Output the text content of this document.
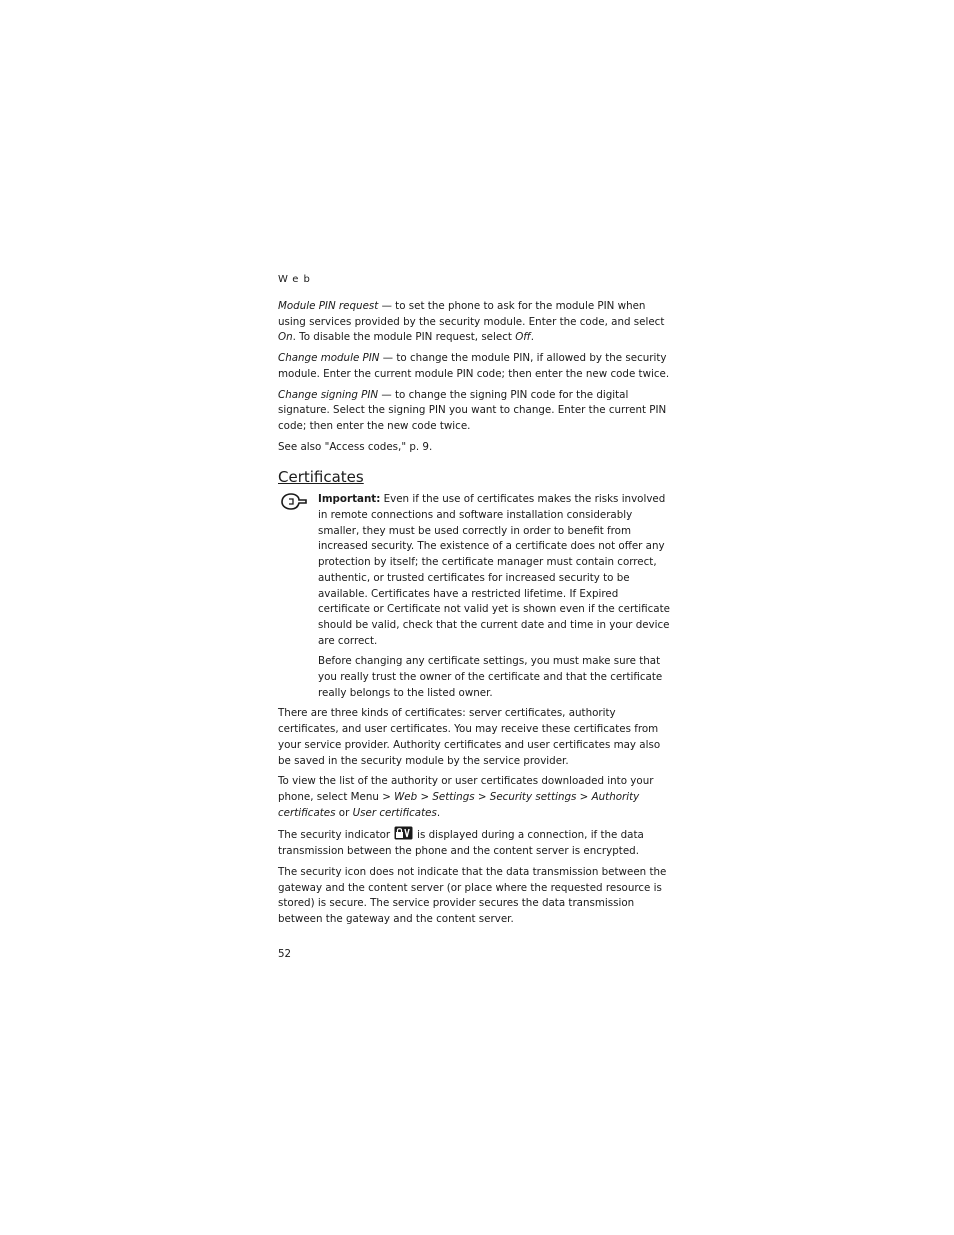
Web

Module PIN request — to set the phone to ask for the module PIN when using services provided by the security module. Enter the code, and select On. To disable the module PIN request, select Off.

Change module PIN — to change the module PIN, if allowed by the security module. Enter the current module PIN code; then enter the new code twice.

Change signing PIN — to change the signing PIN code for the digital signature. Select the signing PIN you want to change. Enter the current PIN code; then enter the new code twice.

See also "Access codes," p. 9.

Certificates

Important: Even if the use of certificates makes the risks involved in remote connections and software installation considerably smaller, they must be used correctly in order to benefit from increased security. The existence of a certificate does not offer any protection by itself; the certificate manager must contain correct, authentic, or trusted certificates for increased security to be available. Certificates have a restricted lifetime. If Expired certificate or Certificate not valid yet is shown even if the certificate should be valid, check that the current date and time in your device are correct.

Before changing any certificate settings, you must make sure that you really trust the owner of the certificate and that the certificate really belongs to the listed owner.

There are three kinds of certificates: server certificates, authority certificates, and user certificates. You may receive these certificates from your service provider. Authority certificates and user certificates may also be saved in the security module by the service provider.

To view the list of the authority or user certificates downloaded into your phone, select Menu > Web > Settings > Security settings > Authority certificates or User certificates.

The security indicator	is displayed during a connection, if the data transmission between the phone and the content server is encrypted.

The security icon does not indicate that the data transmission between the gateway and the content server (or place where the requested resource is stored) is secure. The service provider secures the data transmission between the gateway and the content server.

52
